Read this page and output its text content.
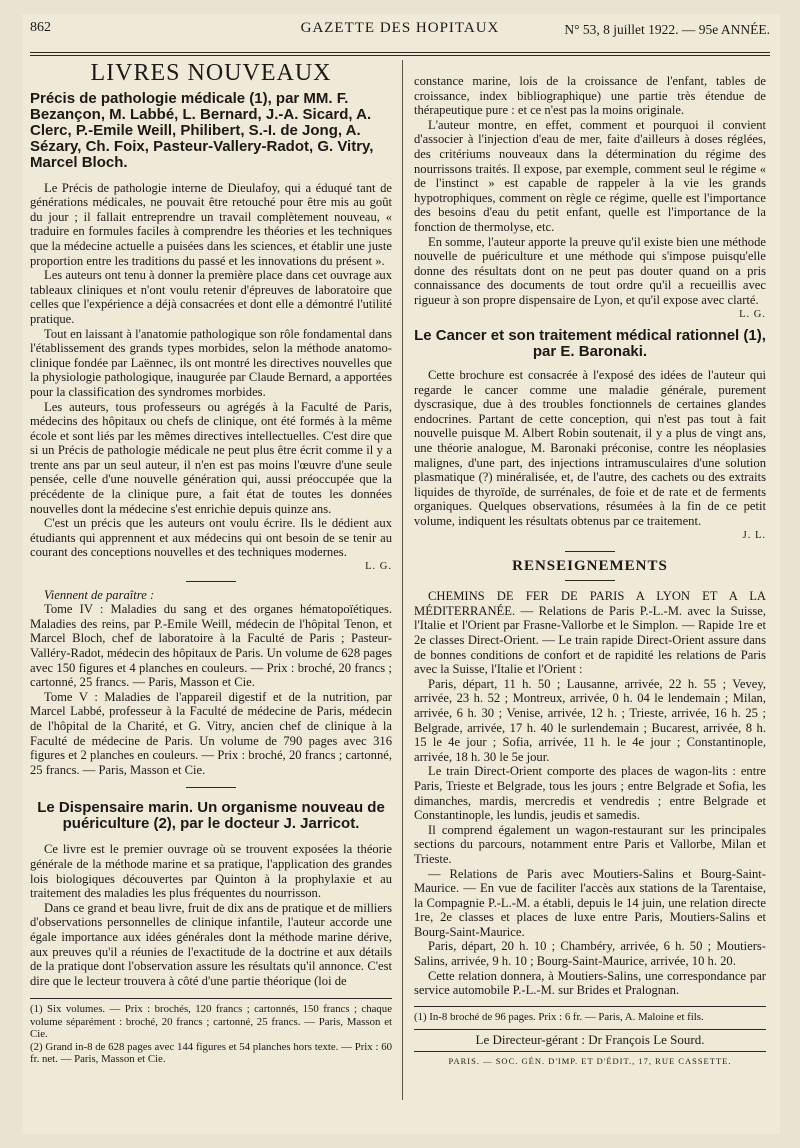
862	GAZETTE DES HOPITAUX	N° 53, 8 juillet 1922. — 95e ANNÉE.
LIVRES NOUVEAUX
Précis de pathologie médicale (1), par MM. F. Bezançon, M. Labbé, L. Bernard, J.-A. Sicard, A. Clerc, P.-Emile Weill, Philibert, S.-I. de Jong, A. Sézary, Ch. Foix, Pasteur-Vallery-Radot, G. Vitry, Marcel Bloch.

Le Précis de pathologie interne de Dieulafoy, qui a éduqué tant de générations médicales, ne pouvait être retouché pour être mis au goût du jour ; il fallait entreprendre un travail complètement nouveau, « traduire en formules faciles à comprendre les théories et les techniques que la médecine actuelle a puisées dans les sciences, et établir une juste proportion entre les traditions du passé et les innovations du présent ».

Les auteurs ont tenu à donner la première place dans cet ouvrage aux tableaux cliniques et n'ont voulu retenir d'épreuves de laboratoire que celles que l'expérience a déjà consacrées et dont elle a démontré l'utilité pratique.

Tout en laissant à l'anatomie pathologique son rôle fondamental dans l'établissement des grands types morbides, selon la méthode anatomo-clinique fondée par Laënnec, ils ont montré les directives nouvelles que la physiologie pathologique, inaugurée par Claude Bernard, a apportées pour la classification des syndromes morbides.

Les auteurs, tous professeurs ou agrégés à la Faculté de Paris, médecins des hôpitaux ou chefs de clinique, ont été formés à la même école et sont liés par les mêmes directives intellectuelles. C'est dire que si un Précis de pathologie médicale ne peut plus être écrit comme il y a trente ans par un seul auteur, il n'en est pas moins l'œuvre d'une seule pensée, celle d'une nouvelle génération qui, aussi préoccupée que la précédente de la clinique pure, a fait état de toutes les données nouvelles dont la médecine s'est enrichie depuis quinze ans.

C'est un précis que les auteurs ont voulu écrire. Ils le dédient aux étudiants qui apprennent et aux médecins qui ont besoin de se tenir au courant des conceptions nouvelles et des techniques modernes.

L. G.

Viennent de paraître :

Tome IV : Maladies du sang et des organes hématopoïétiques. Maladies des reins, par P.-Emile Weill, médecin de l'hôpital Tenon, et Marcel Bloch, chef de laboratoire à la Faculté de Paris ; Pasteur-Valléry-Radot, médecin des hôpitaux de Paris. Un volume de 628 pages avec 150 figures et 4 planches en couleurs. — Prix : broché, 20 francs ; cartonné, 25 francs. — Paris, Masson et Cie.

Tome V : Maladies de l'appareil digestif et de la nutrition, par Marcel Labbé, professeur à la Faculté de médecine de Paris, médecin de l'hôpital de la Charité, et G. Vitry, ancien chef de clinique à la Faculté de médecine de Paris. Un volume de 790 pages avec 316 figures et 2 planches en couleurs. — Prix : broché, 20 francs ; cartonné, 25 francs. — Paris, Masson et Cie.

Le Dispensaire marin. Un organisme nouveau de puériculture (2), par le docteur J. Jarricot.

Ce livre est le premier ouvrage où se trouvent exposées la théorie générale de la méthode marine et sa pratique, l'application des grandes lois biologiques découvertes par Quinton à la prophylaxie et au traitement des maladies les plus fréquentes du nourrisson.

Dans ce grand et beau livre, fruit de dix ans de pratique et de milliers d'observations personnelles de clinique infantile, l'auteur accorde une égale importance aux idées générales dont la méthode marine dérive, aux preuves qu'il a réunies de l'exactitude de la doctrine et aux détails de la pratique dont l'observation assure les résultats qu'il annonce. C'est dire que le lecteur trouvera à côté d'une partie théorique (loi de

(1) Six volumes. — Prix : brochés, 120 francs ; cartonnés, 150 francs ; chaque volume séparément : broché, 20 francs ; cartonné, 25 francs. — Paris, Masson et Cie.
(2) Grand in-8 de 628 pages avec 144 figures et 54 planches hors texte. — Prix : 60 fr. net. — Paris, Masson et Cie.

constance marine, lois de la croissance de l'enfant, tables de croissance, index bibliographique) une partie très étendue de thérapeutique pure : et ce n'est pas la moins originale.

L'auteur montre, en effet, comment et pourquoi il convient d'associer à l'injection d'eau de mer, faite d'ailleurs à doses réglées, des critériums nouveaux dans la détermination du régime des nourrissons traités. Il expose, par exemple, comment seul le régime « de l'instinct » est capable de rappeler à la vie les grands hypotrophiques, comment on règle ce régime, quelle est l'importance des besoins d'eau du petit enfant, quelle est l'importance de la fonction de thermolyse, etc.

En somme, l'auteur apporte la preuve qu'il existe bien une méthode nouvelle de puériculture et une méthode qui s'impose puisqu'elle donne des résultats dont on ne peut pas douter quand on a pris connaissance des documents de tout ordre qu'il a recueillis avec rigueur à son propre dispensaire de Lyon, et qu'il expose avec clarté.

L. G.
Le Cancer et son traitement médical rationnel (1), par E. Baronaki.

Cette brochure est consacrée à l'exposé des idées de l'auteur qui regarde le cancer comme une maladie générale, purement dyscrasique, due à des troubles fonctionnels de certaines glandes endocrines. Partant de cette conception, qui n'est pas tout à fait nouvelle puisque M. Albert Robin soutenait, il y a plus de vingt ans, une théorie analogue, M. Baronaki préconise, contre les néoplasies malignes, d'une part, des injections intramusculaires d'une solution plasmatique (?) minéralisée, et, de l'autre, des cachets ou des extraits liquides de thyroïde, de surrénales, de foie et de rate et de ferments organiques. Quelques observations, résumées à la fin de ce petit volume, indiquent les résultats obtenus par ce traitement.

J. L.
RENSEIGNEMENTS

CHEMINS DE FER DE PARIS A LYON ET A LA MÉDITERRANÉE. — Relations de Paris P.-L.-M. avec la Suisse, l'Italie et l'Orient par Frasne-Vallorbe et le Simplon. — Rapide 1re et 2e classes Direct-Orient. — Le train rapide Direct-Orient assure dans de bonnes conditions de confort et de rapidité les relations de Paris avec la Suisse, l'Italie et l'Orient :

Paris, départ, 11 h. 50 ; Lausanne, arrivée, 22 h. 55 ; Vevey, arrivée, 23 h. 52 ; Montreux, arrivée, 0 h. 04 le lendemain ; Milan, arrivée, 6 h. 30 ; Venise, arrivée, 12 h. ; Trieste, arrivée, 16 h. 25 ; Belgrade, arrivée, 17 h. 40 le surlendemain ; Bucarest, arrivée, 8 h. 15 le 4e jour ; Sofia, arrivée, 11 h. le 4e jour ; Constantinople, arrivée, 18 h. 30 le 5e jour.

Le train Direct-Orient comporte des places de wagon-lits : entre Paris, Trieste et Belgrade, tous les jours ; entre Belgrade et Sofia, les dimanches, mardis, mercredis et vendredis ; entre Belgrade et Constantinople, les lundis, jeudis et samedis.

Il comprend également un wagon-restaurant sur les principales sections du parcours, notamment entre Paris et Vallorbe, Milan et Trieste.

— Relations de Paris avec Moutiers-Salins et Bourg-Saint-Maurice. — En vue de faciliter l'accès aux stations de la Tarentaise, la Compagnie P.-L.-M. a établi, depuis le 14 juin, une relation directe 1re, 2e classes et places de luxe entre Paris, Moutiers-Salins et Bourg-Saint-Maurice.

Paris, départ, 20 h. 10 ; Chambéry, arrivée, 6 h. 50 ; Moutiers-Salins, arrivée, 9 h. 10 ; Bourg-Saint-Maurice, arrivée, 10 h. 20.

Cette relation donnera, à Moutiers-Salins, une correspondance par service automobile P.-L.-M. sur Brides et Pralognan.

(1) In-8 broché de 96 pages. Prix : 6 fr. — Paris, A. Maloine et fils.
Le Directeur-gérant : Dr François Le Sourd.
PARIS. — SOC. GÉN. D'IMP. ET D'ÉDIT., 17, RUE CASSETTE.
